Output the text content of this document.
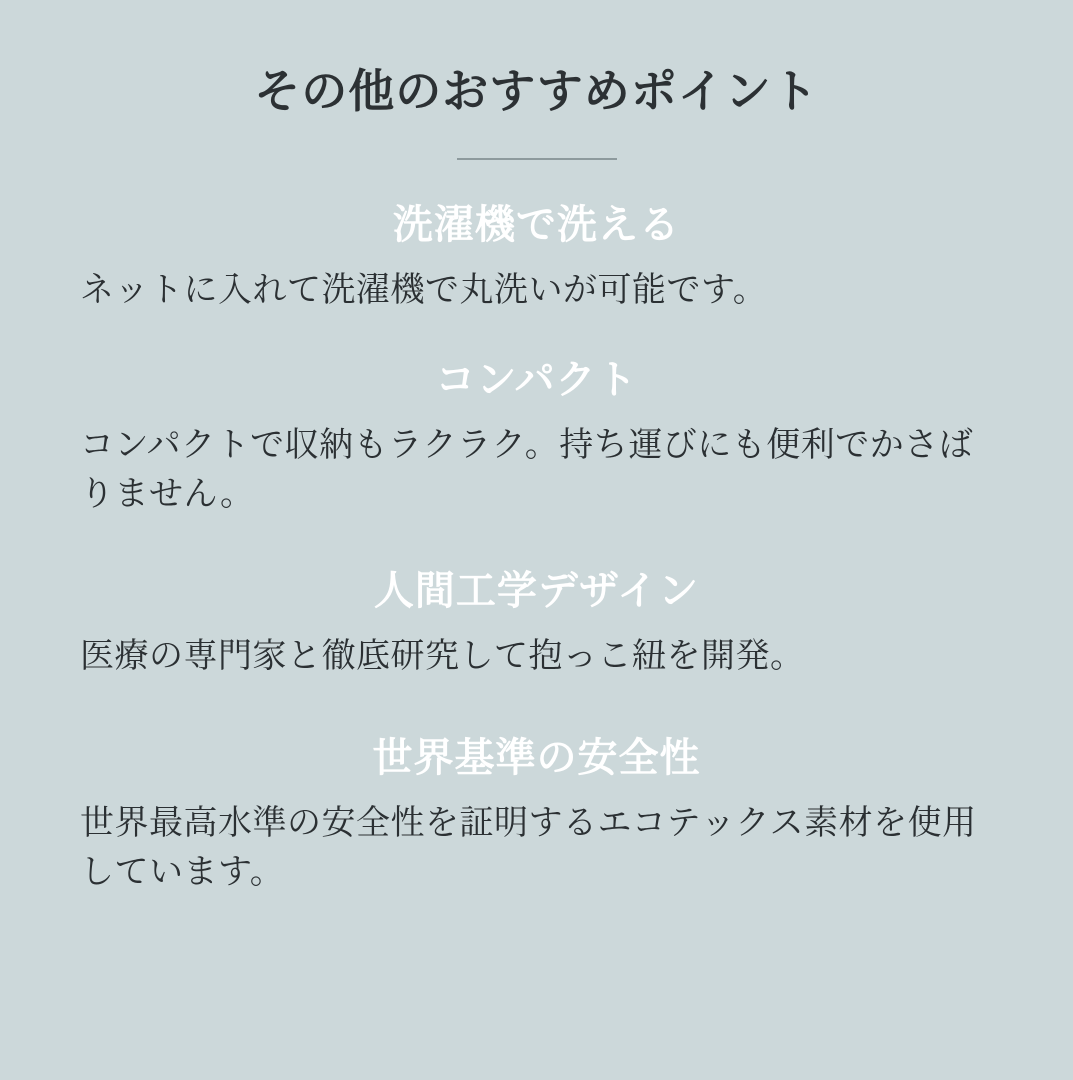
その他のおすすめポイント
洗濯機で洗える

ネットに入れて洗濯機で丸洗いが可能です。

コンパクト

コンパクトで収納もラクラク。持ち運びにも便利でかさばりません。

人間工学デザイン

医療の専門家と徹底研究して抱っこ紐を開発。

世界基準の安全性

世界最高水準の安全性を証明するエコテックス素材を使用しています。
